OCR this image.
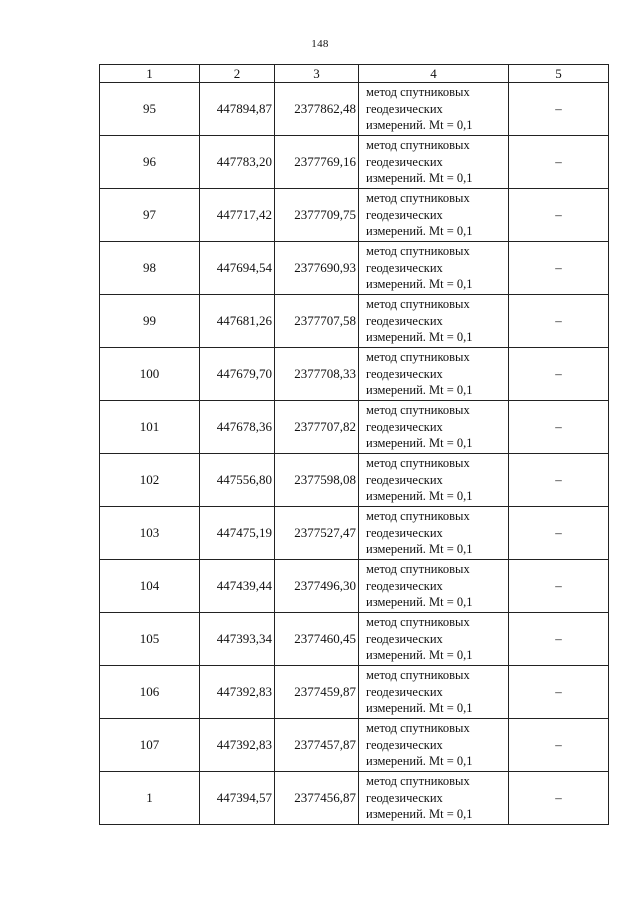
148
1	2	3	4	5
95	447894,87	2377862,48	метод спутниковых
геодезических
измерений. Mt = 0,1	–
96	447783,20	2377769,16	метод спутниковых
геодезических
измерений. Mt = 0,1	–
97	447717,42	2377709,75	метод спутниковых
геодезических
измерений. Mt = 0,1	–
98	447694,54	2377690,93	метод спутниковых
геодезических
измерений. Mt = 0,1	–
99	447681,26	2377707,58	метод спутниковых
геодезических
измерений. Mt = 0,1	–
100	447679,70	2377708,33	метод спутниковых
геодезических
измерений. Mt = 0,1	–
101	447678,36	2377707,82	метод спутниковых
геодезических
измерений. Mt = 0,1	–
102	447556,80	2377598,08	метод спутниковых
геодезических
измерений. Mt = 0,1	–
103	447475,19	2377527,47	метод спутниковых
геодезических
измерений. Mt = 0,1	–
104	447439,44	2377496,30	метод спутниковых
геодезических
измерений. Mt = 0,1	–
105	447393,34	2377460,45	метод спутниковых
геодезических
измерений. Mt = 0,1	–
106	447392,83	2377459,87	метод спутниковых
геодезических
измерений. Mt = 0,1	–
107	447392,83	2377457,87	метод спутниковых
геодезических
измерений. Mt = 0,1	–
1	447394,57	2377456,87	метод спутниковых
геодезических
измерений. Mt = 0,1	–
